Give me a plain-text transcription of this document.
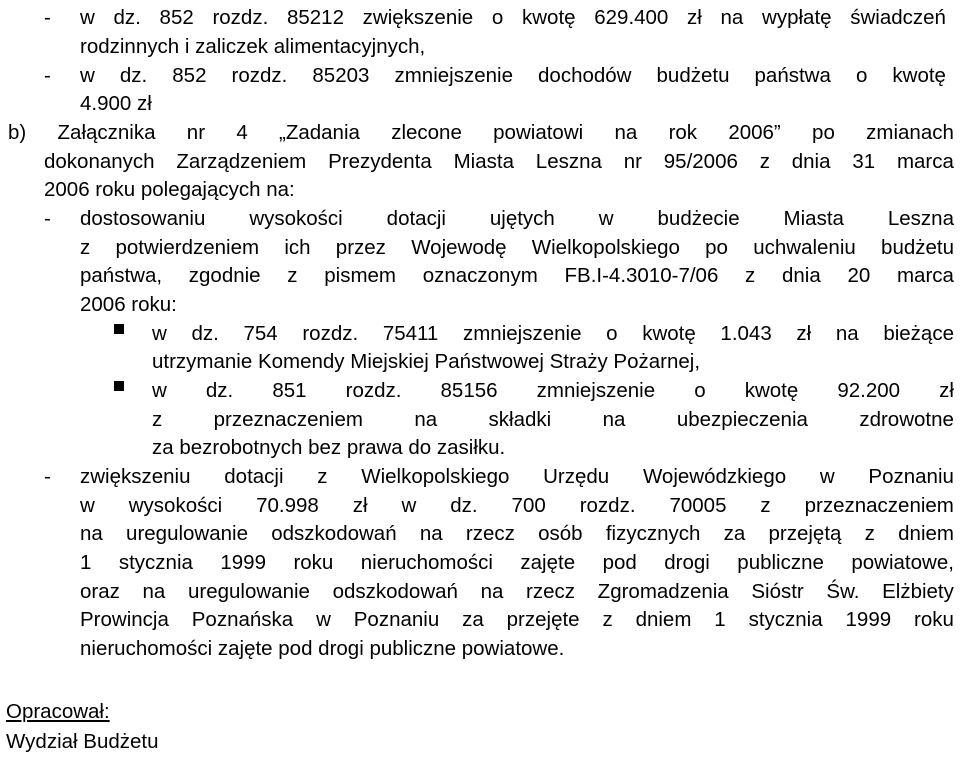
- w dz. 852 rozdz. 85212 zwiększenie o kwotę 629.400 zł na wypłatę świadczeń
rodzinnych i zaliczek alimentacyjnych,
- w dz. 852 rozdz. 85203 zmniejszenie dochodów budżetu państwa o kwotę
4.900 zł
b) Załącznika nr 4 „Zadania zlecone powiatowi na rok 2006” po zmianach
dokonanych Zarządzeniem Prezydenta Miasta Leszna nr 95/2006 z dnia 31 marca
2006 roku polegających na:
- dostosowaniu wysokości dotacji ujętych w budżecie Miasta Leszna
z potwierdzeniem ich przez Wojewodę Wielkopolskiego po uchwaleniu budżetu
państwa, zgodnie z pismem oznaczonym FB.I-4.3010-7/06 z dnia 20 marca
2006 roku:
w dz. 754 rozdz. 75411 zmniejszenie o kwotę 1.043 zł na bieżące
utrzymanie Komendy Miejskiej Państwowej Straży Pożarnej,
w dz. 851 rozdz. 85156 zmniejszenie o kwotę 92.200 zł
z	przeznaczeniem	na	składki	na	ubezpieczenia	zdrowotne
za bezrobotnych bez prawa do zasiłku.
- zwiększeniu dotacji z Wielkopolskiego Urzędu Wojewódzkiego w Poznaniu
w wysokości 70.998 zł w dz. 700 rozdz. 70005 z przeznaczeniem
na uregulowanie odszkodowań na rzecz osób fizycznych za przejętą z dniem
1 stycznia 1999 roku nieruchomości zajęte pod drogi publiczne powiatowe,
oraz na uregulowanie odszkodowań na rzecz Zgromadzenia Sióstr Św. Elżbiety
Prowincja Poznańska w Poznaniu za przejęte z dniem 1 stycznia 1999 roku
nieruchomości zajęte pod drogi publiczne powiatowe.
Opracował:
Wydział Budżetu
